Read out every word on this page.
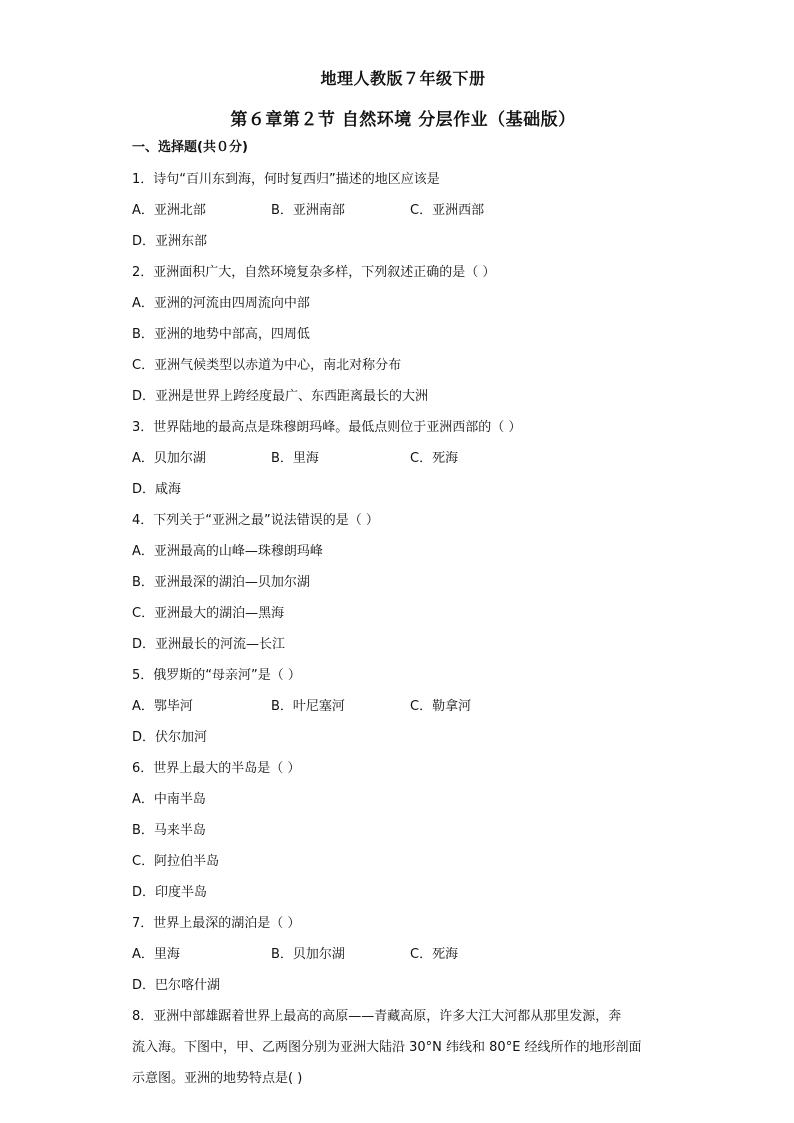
地理人教版７年级下册
第６章第２节 自然环境 分层作业（基础版）
一、选择题(共０分)
1．诗句“百川东到海，何时复西归”描述的地区应该是
A．亚洲北部	B．亚洲南部	C．亚洲西部
D．亚洲东部
2．亚洲面积广大，自然环境复杂多样，下列叙述正确的是（ ）
A．亚洲的河流由四周流向中部
B．亚洲的地势中部高，四周低
C．亚洲气候类型以赤道为中心，南北对称分布
D．亚洲是世界上跨经度最广、东西距离最长的大洲
3．世界陆地的最高点是珠穆朗玛峰。最低点则位于亚洲西部的（ ）
A．贝加尔湖	B．里海	C．死海
D．咸海
4．下列关于“亚洲之最”说法错误的是（ ）
A．亚洲最高的山峰—珠穆朗玛峰
B．亚洲最深的湖泊—贝加尔湖
C．亚洲最大的湖泊—黑海
D．亚洲最长的河流—长江
5．俄罗斯的“母亲河”是（ ）
A．鄂毕河	B．叶尼塞河	C．勒拿河
D．伏尔加河
6．世界上最大的半岛是（ ）
A．中南半岛
B．马来半岛
C．阿拉伯半岛
D．印度半岛
7．世界上最深的湖泊是（ ）
A．里海	B．贝加尔湖	C．死海
D．巴尔喀什湖
8．亚洲中部雄踞着世界上最高的高原——青藏高原，许多大江大河都从那里发源，奔
流入海。下图中，甲、乙两图分别为亚洲大陆沿 30°N 纬线和 80°E 经线所作的地形剖面
示意图。亚洲的地势特点是( )
